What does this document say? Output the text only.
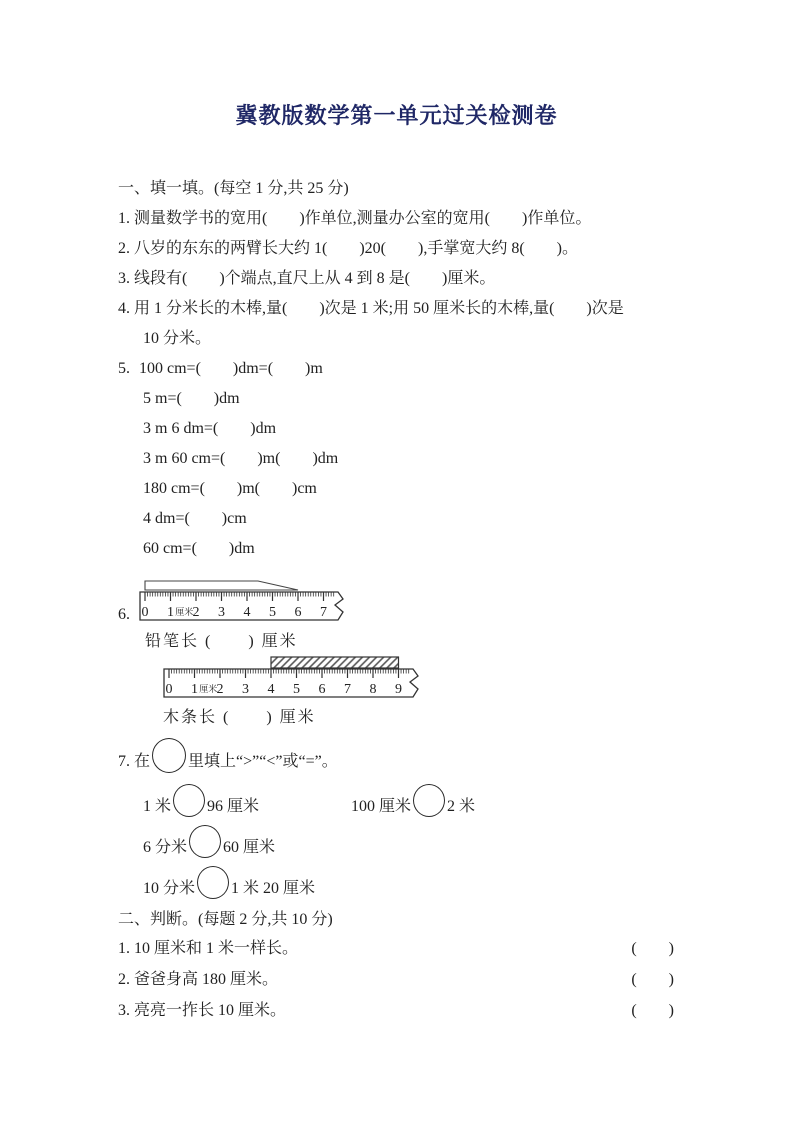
冀教版数学第一单元过关检测卷
一、填一填。(每空 1 分,共 25 分)
1. 测量数学书的宽用(　　)作单位,测量办公室的宽用(　　)作单位。
2. 八岁的东东的两臂长大约 1(　　)20(　　),手掌宽大约 8(　　)。
3. 线段有(　　)个端点,直尺上从 4 到 8 是(　　)厘米。
4. 用 1 分米长的木棒,量(　　)次是 1 米;用 50 厘米长的木棒,量(　　)次是
10 分米。
5. 100 cm=(　　)dm=(　　)m
5 m=(　　)dm
3 m 6 dm=(　　)dm
3 m 60 cm=(　　)m(　　)dm
180 cm=(　　)m(　　)cm
4 dm=(　　)cm
60 cm=(　　)dm
6. 0 1 2 3 4 5 6 7
厘米
铅笔长 (　　) 厘米
0 1 2 3 4 5 6 7 8 9
厘米
木条长 (　　) 厘米
7. 在 里填上“>”“<”或“=”。
1 米 96 厘米	100 厘米 2 米
6 分米 60 厘米
10 分米 1 米 20 厘米
二、判断。(每题 2 分,共 10 分)
1. 10 厘米和 1 米一样长。	(　　)
2. 爸爸身高 180 厘米。	(　　)
3. 亮亮一拃长 10 厘米。	(　　)
